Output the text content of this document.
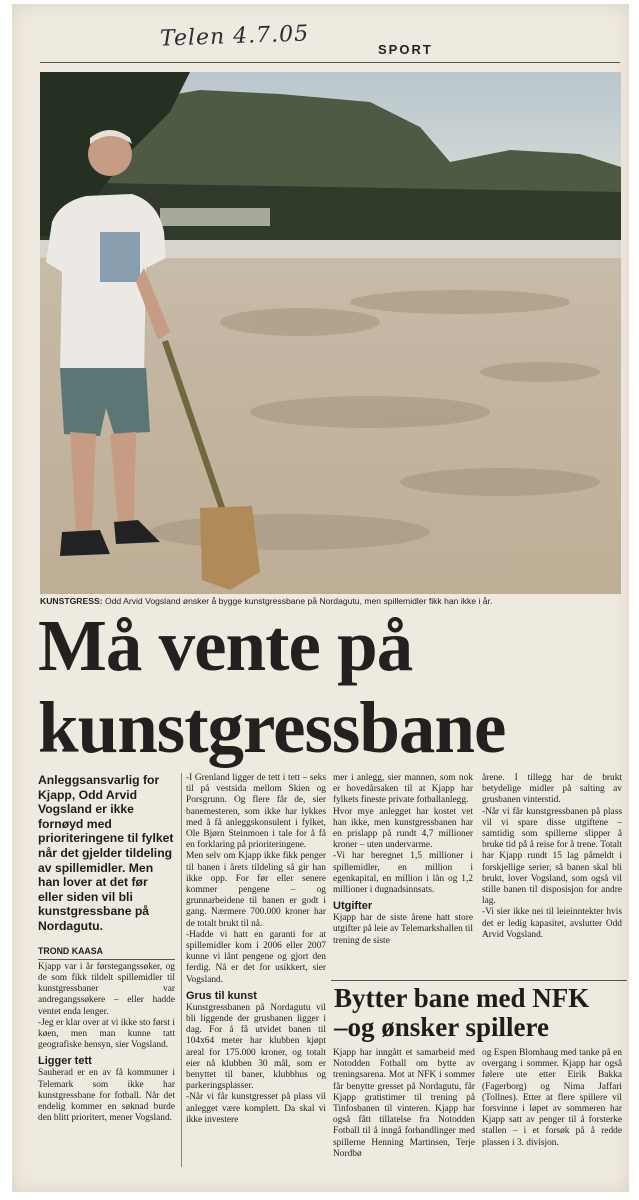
Telen 4.7.05	SPORT
KUNSTGRESS: Odd Arvid Vogsland ønsker å bygge kunstgressbane på Nordagutu, men spillemidler fikk han ikke i år.
Må vente på
kunstgressbane
Anleggsansvarlig for Kjapp, Odd Arvid Vogsland er ikke fornøyd med prioriteringene til fylket når det gjelder tildeling av spillemidler. Men han lover at det før eller siden vil bli kunstgressbane på Nordagutu.
TROND KAASA

Kjapp var i år førstegangssøker, og de som fikk tildelt spillemidler til kunstgressbaner var andregangssøkere – eller hadde ventet enda lenger.

-Jeg er klar over at vi ikke sto først i køen, men man kunne tatt geografiske hensyn, sier Vogsland.

Ligger tett

Sauherad er en av få kommuner i Telemark som ikke har kunstgressbane for fotball. Når det endelig kommer en søknad burde den blitt prioritert, mener Vogsland.

-I Grenland ligger de tett i tett – seks til på vestsida mellom Skien og Porsgrunn. Og flere får de, sier banemesteren, som ikke har lykkes med å få anleggskonsulent i fylket, Ole Bjørn Steinmoen i tale for å få en forklaring på prioriteringene.

Men selv om Kjapp ikke fikk penger til banen i årets tildeling så gir han ikke opp. For før eller senere kommer pengene – og grunnarbeidene til banen er godt i gang. Nærmere 700.000 kroner har de totalt brukt til nå.

-Hadde vi hatt en garanti for at spillemidler kom i 2006 eller 2007 kunne vi lånt pengene og gjort den ferdig. Nå er det for usikkert, sier Vogsland.

Grus til kunst

Kunstgressbanen på Nordagutu vil bli liggende der grusbanen ligger i dag. For å få utvidet banen til 104x64 meter har klubben kjøpt areal for 175.000 kroner, og totalt eier nå klubben 30 mål, som er benyttet til baner, klubbhus og parkeringsplasser.

-Når vi får kunstgresset på plass vil anlegget være komplett. Da skal vi ikke investere

mer i anlegg, sier mannen, som nok er hovedårsaken til at Kjapp har fylkets fineste private fotballanlegg.

Hvor mye anlegget har kostet vet han ikke, men kunstgressbanen har en prislapp på rundt 4,7 millioner kroner – uten undervarme.

-Vi har beregnet 1,5 millioner i spillemidler, en million i egenkapital, en million i lån og 1,2 millioner i dugnadsinnsats.

Utgifter

Kjapp har de siste årene hatt store utgifter på leie av Telemarkshallen til trening de siste

årene. I tillegg har de brukt betydelige midler på salting av grusbanen vinterstid.

-Når vi får kunstgressbanen på plass vil vi spare disse utgiftene – samtidig som spillerne slipper å bruke tid på å reise for å trene. Totalt har Kjapp rundt 15 lag påmeldt i forskjellige serier, så banen skal bli brukt, lover Vogsland, som også vil stille banen til disposisjon for andre lag.

-Vi sier ikke nei til leieinntekter hvis det er ledig kapasitet, avslutter Odd Arvid Vogsland.

Bytter bane med NFK
–og ønsker spillere

Kjapp har inngått et samarbeid med Notodden Fotball om bytte av treningsarena. Mot at NFK i sommer får benytte gresset på Nordagutu, får Kjapp gratistimer til trening på Tinfosbanen til vinteren. Kjapp har også fått tillatelse fra Notodden Fotball til å inngå forhandlinger med spillerne Henning Martinsen, Terje Nordbø

og Espen Blomhaug med tanke på en overgang i sommer. Kjapp har også følere ute etter Eirik Bakka (Fagerborg) og Nima Jaffari (Tollnes). Etter at flere spillere vil forsvinne i løpet av sommeren har Kjapp satt av penger til å forsterke stallen – i et forsøk på å redde plassen i 3. divisjon.
